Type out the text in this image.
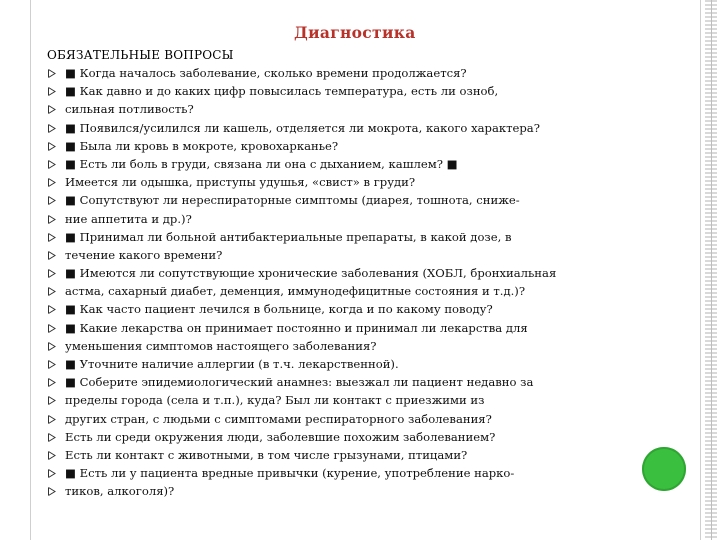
Диагностика
ОБЯЗАТЕЛЬНЫЕ ВОПРОСЫ
■ Когда началось заболевание, сколько времени продолжается?
■ Как давно и до каких цифр повысилась температура, есть ли озноб,
сильная потливость?
■ Появился/усилился ли кашель, отделяется ли мокрота, какого характера?
■ Была ли кровь в мокроте, кровохарканье?
■ Есть ли боль в груди, связана ли она с дыханием, кашлем? ■
Имеется ли одышка, приступы удушья, «свист» в груди?
■ Сопутствуют ли нереспираторные симптомы (диарея, тошнота, сниже-
ние аппетита и др.)?
■ Принимал ли больной антибактериальные препараты, в какой дозе, в
течение какого времени?
■ Имеются ли сопутствующие хронические заболевания (ХОБЛ, бронхиальная
астма, сахарный диабет, деменция, иммунодефицитные состояния и т.д.)?
■ Как часто пациент лечился в больнице, когда и по какому поводу?
■ Какие лекарства он принимает постоянно и принимал ли лекарства для
уменьшения симптомов настоящего заболевания?
■ Уточните наличие аллергии (в т.ч. лекарственной).
■ Соберите эпидемиологический анамнез: выезжал ли пациент недавно за
пределы города (села и т.п.), куда? Был ли контакт с приезжими из
других стран, с людьми с симптомами респираторного заболевания?
Есть ли среди окружения люди, заболевшие похожим заболеванием?
Есть ли контакт с животными, в том числе грызунами, птицами?
■ Есть ли у пациента вредные привычки (курение, употребление нарко-
тиков, алкоголя)?
